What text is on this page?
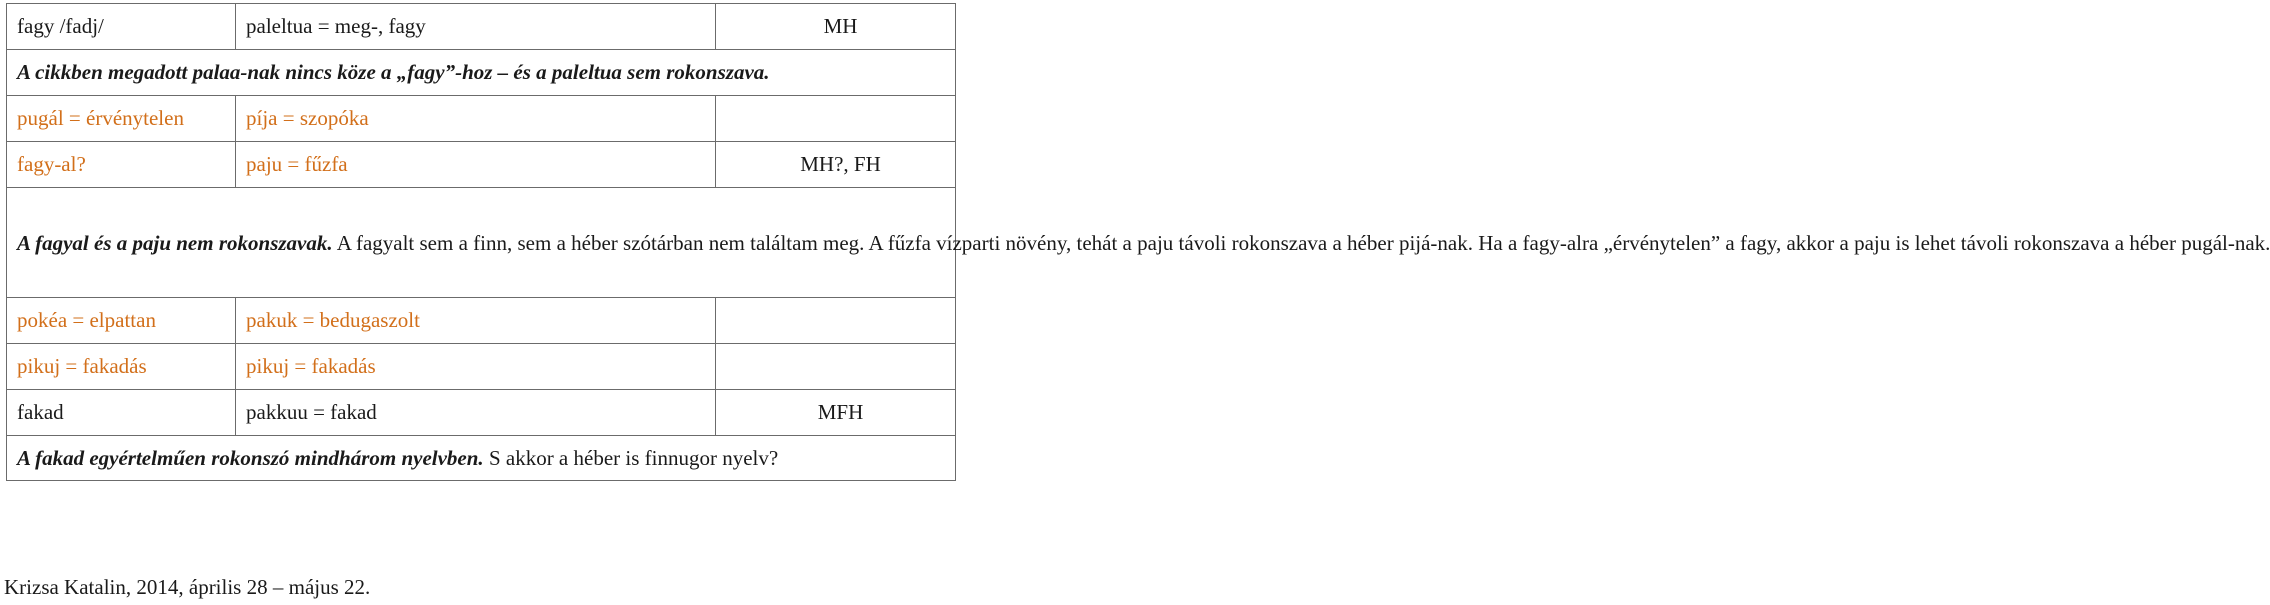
fagy /fadj/	paleltua = meg-, fagy	MH
A cikkben megadott palaa-nak nincs köze a „fagy”-hoz – és a paleltua sem rokonszava.		
pugál = érvénytelen	píja = szopóka	
fagy-al?	paju = fűzfa	MH?, FH
A fagyal és a paju nem rokonszavak. A fagyalt sem a finn, sem a héber szótárban nem találtam meg. A fűzfa vízparti növény, tehát a paju távoli rokonszava a héber pijá-nak. Ha a fagy-alra „érvénytelen” a fagy, akkor a paju is lehet távoli rokonszava a héber pugál-nak.		
pokéa = elpattan	pakuk = bedugaszolt	
pikuj = fakadás	pikuj = fakadás	
fakad	pakkuu = fakad	MFH
A fakad egyértelműen rokonszó mindhárom nyelvben. S akkor a héber is finnugor nyelv?		
Krizsa Katalin, 2014, április 28 – május 22.
